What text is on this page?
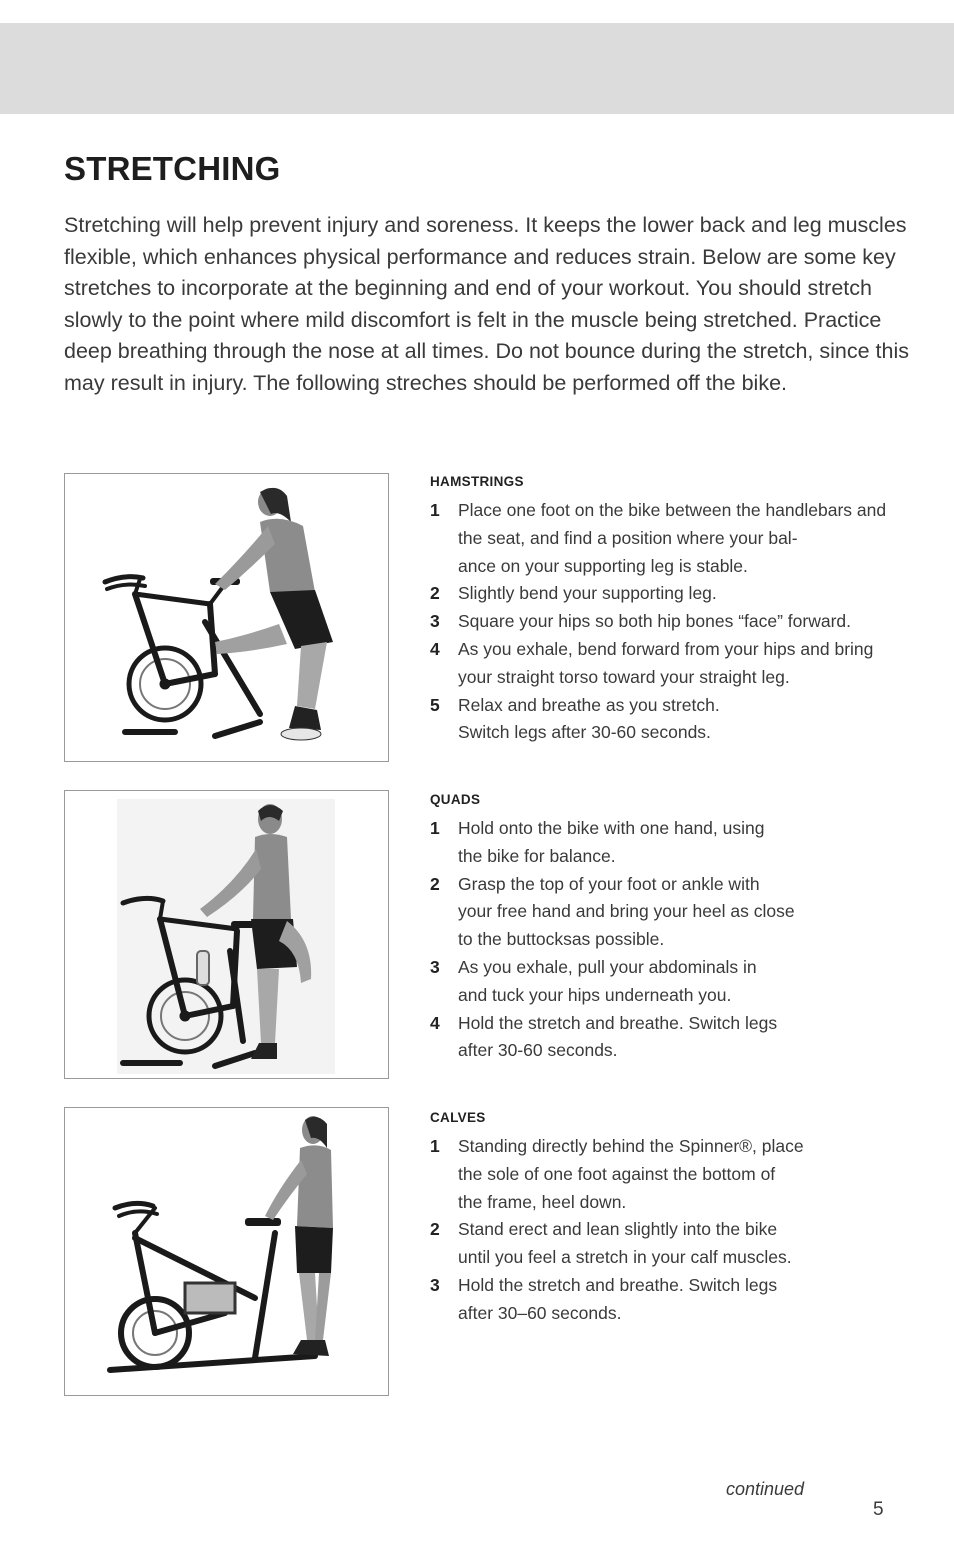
STRETCHING
Stretching will help prevent injury and soreness. It keeps the lower back and leg muscles flexible, which enhances physical performance and reduces strain. Below are some key stretches to incorporate at the beginning and end of your workout. You should stretch slowly to the point where mild discomfort is felt in the muscle being stretched. Practice deep breathing through the nose at all times. Do not bounce during the stretch, since this may result in injury. The following streches should be performed off the bike.
HAMSTRINGS
1	Place one foot on the bike between the handlebars and the seat, and find a position where your bal-
ance on your supporting leg is stable.
2	Slightly bend your supporting leg.
3	Square your hips so both hip bones “face” forward.
4	As you exhale, bend forward from your hips and bring your straight torso toward your straight leg.
5	Relax and breathe as you stretch.
Switch legs after 30-60 seconds.
QUADS
1	Hold onto the bike with one hand, using
the bike for balance.
2	Grasp the top of your foot or ankle with
your free hand and bring your heel as close
to the buttocksas possible.
3	As you exhale, pull your abdominals in
and tuck your hips underneath you.
4	Hold the stretch and breathe. Switch legs
after 30-60 seconds.
CALVES
1	Standing directly behind the Spinner®, place
the sole of one foot against the bottom of
the frame, heel down.
2	Stand erect and lean slightly into the bike
until you feel a stretch in your calf muscles.
3	Hold the stretch and breathe. Switch legs
after 30–60 seconds.
continued
5
